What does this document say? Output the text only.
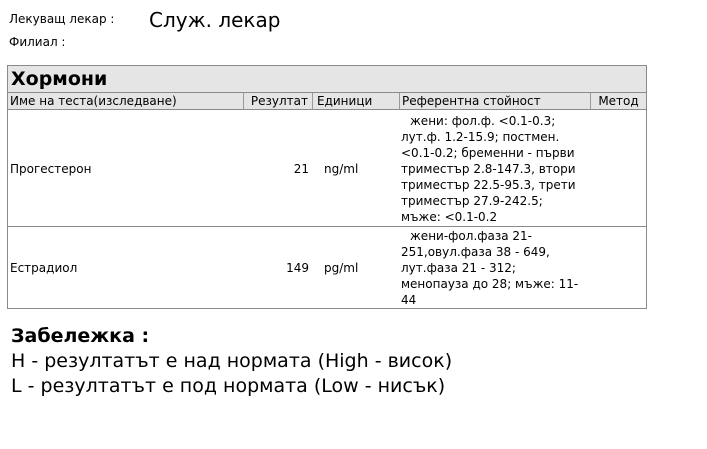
Лекуващ лекар : Служ. лекар
Филиал :
Хормони
Име на теста(изследване)	Резултат Единици	Референтна стойност	Метод
Прогестерон	21 ng/ml
жени: фол.ф. <0.1-0.3;
лут.ф. 1.2-15.9; постмен.
<0.1-0.2; бременни - първи
триместър 2.8-147.3, втори
триместър 22.5-95.3, трети
триместър 27.9-242.5;
мъже: <0.1-0.2
Естрадиол	149 pg/ml
жени-фол.фаза 21-
251,овул.фаза 38 - 649,
лут.фаза 21 - 312;
менопауза до 28; мъже: 11-
44
Забележка :
H - резултатът е над нормата (High - висок)
L - резултатът е под нормата (Low - нисък)
